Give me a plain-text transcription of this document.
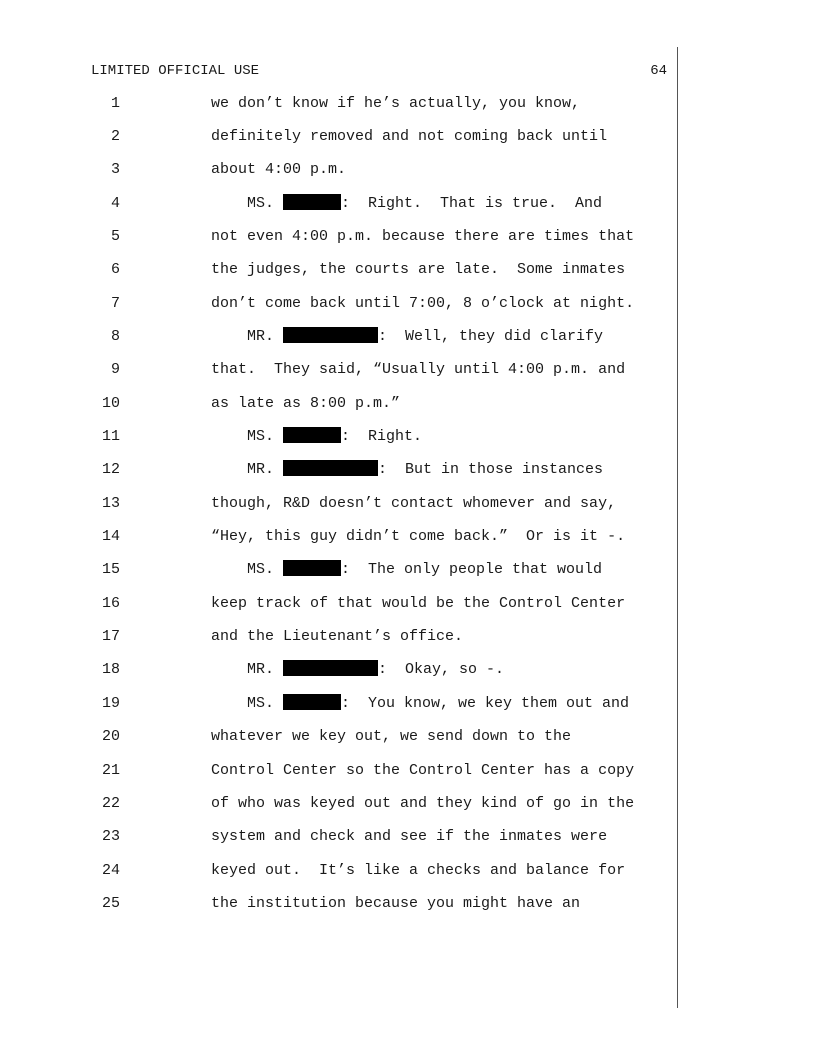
LIMITED OFFICIAL USE	64
1	we don’t know if he’s actually, you know,
2	definitely removed and not coming back until
3	about 4:00 p.m.
4	MS.	:  Right.  That is true.  And
5	not even 4:00 p.m. because there are times that
6	the judges, the courts are late.  Some inmates
7	don’t come back until 7:00, 8 o’clock at night.
8	MR.	:  Well, they did clarify
9	that.  They said, “Usually until 4:00 p.m. and
10	as late as 8:00 p.m.”
11	MS.	:  Right.
12	MR.	:  But in those instances
13	though, R&D doesn’t contact whomever and say,
14	“Hey, this guy didn’t come back.”  Or is it -.
15	MS.	:  The only people that would
16	keep track of that would be the Control Center
17	and the Lieutenant’s office.
18	MR.	:  Okay, so -.
19	MS.	:  You know, we key them out and
20	whatever we key out, we send down to the
21	Control Center so the Control Center has a copy
22	of who was keyed out and they kind of go in the
23	system and check and see if the inmates were
24	keyed out.  It’s like a checks and balance for
25	the institution because you might have an
